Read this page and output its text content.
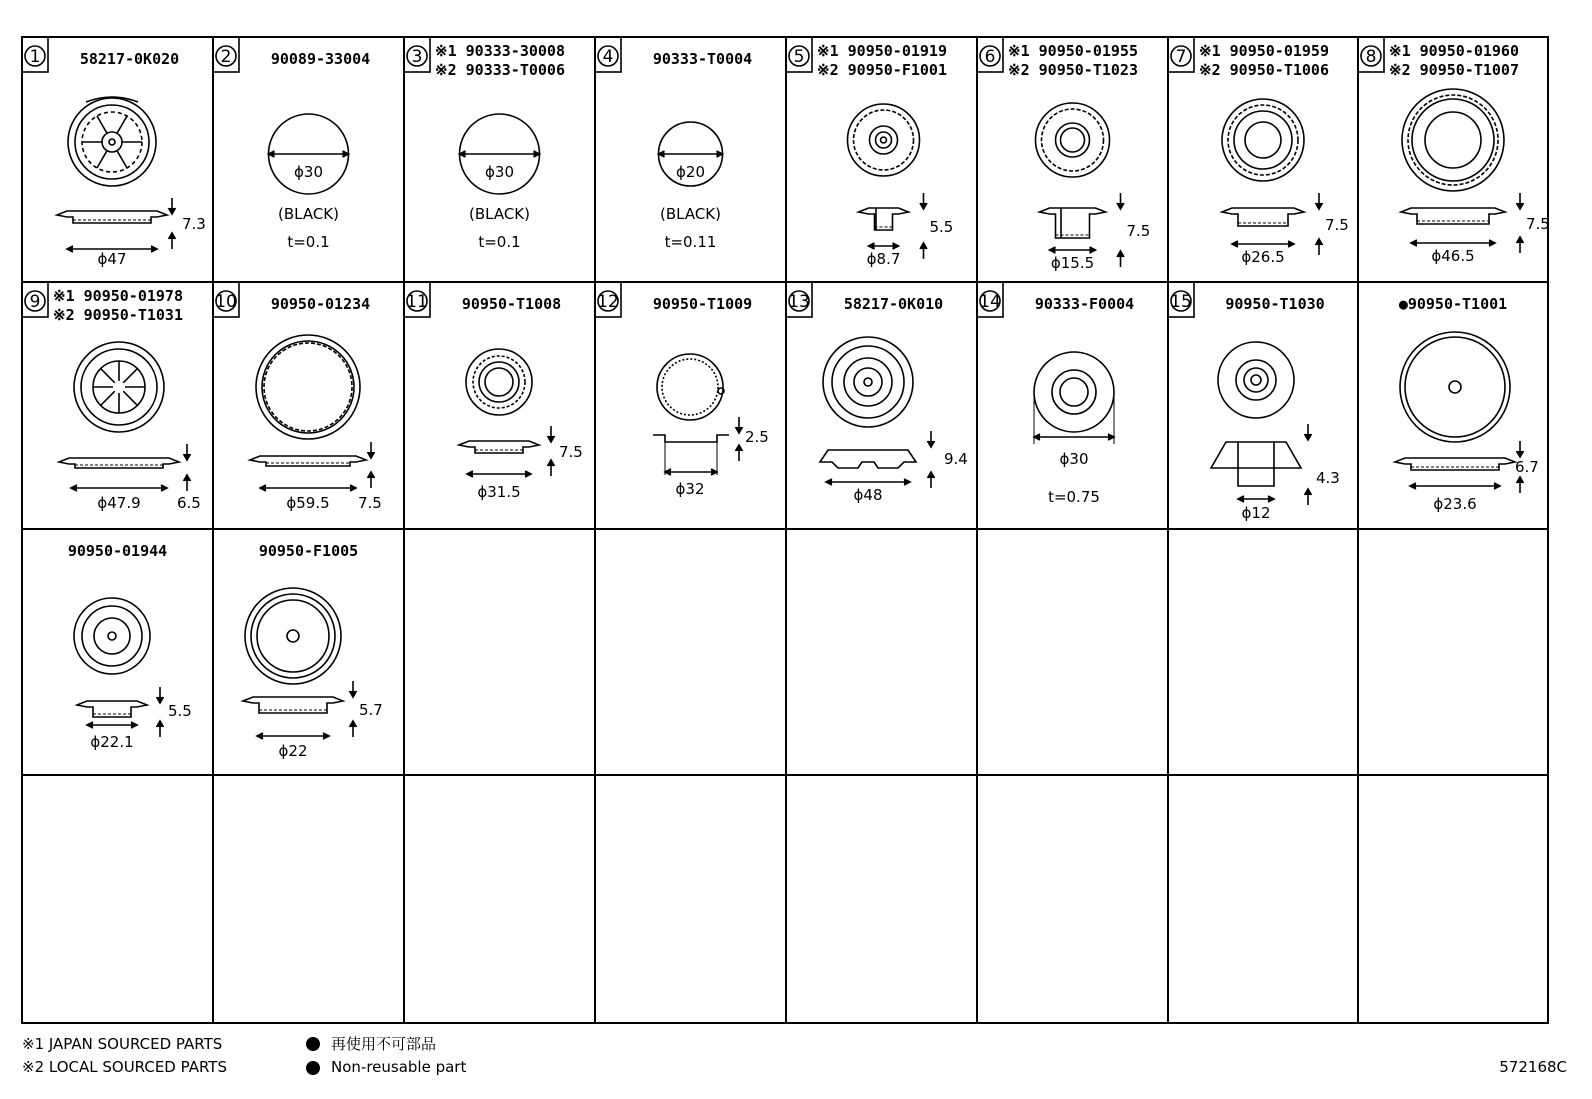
1	58217-0K020
7.3
ϕ47
2	90089-33004
ϕ30
(BLACK)
t=0.1
3 ※1 90333-30008
※2 90333-T0006
ϕ30
(BLACK)
t=0.1
4	90333-T0004
ϕ20
(BLACK)
t=0.11
5 ※1 90950-01919
※2 90950-F1001
5.5
ϕ8.7
6 ※1 90950-01955
※2 90950-T1023
7.5
ϕ15.5
7 ※1 90950-01959
※2 90950-T1006
7.5
ϕ26.5
8 ※1 90950-01960
※2 90950-T1007
7.5
ϕ46.5
9 ※1 90950-01978
※2 90950-T1031
ϕ47.9 6.5
10 90950-01234
ϕ59.5 7.5
11 90950-T1008
7.5
ϕ31.5
12 90950-T1009
2.5
ϕ32
13 58217-0K010
9.4
ϕ48
14 90333-F0004
ϕ30
t=0.75
15 90950-T1030
4.3
ϕ12
●90950-T1001
6.7
ϕ23.6
90950-01944
5.5
ϕ22.1
90950-F1005
5.7
ϕ22
※1 JAPAN SOURCED PARTS
※2 LOCAL SOURCED PARTS
再使用不可部品
Non-reusable part	572168C
